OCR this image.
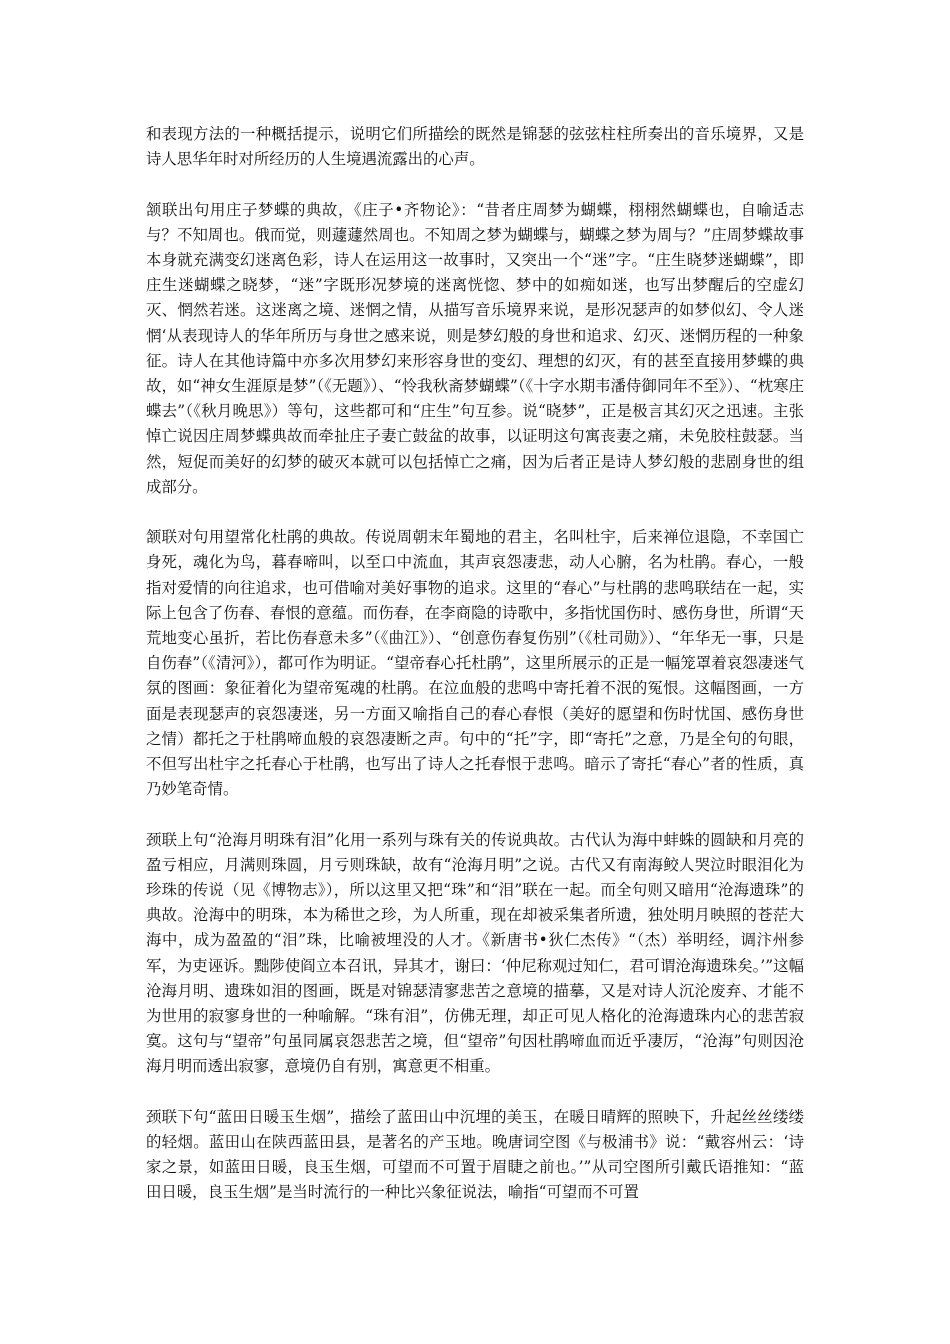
和表现方法的一种概括提示，说明它们所描绘的既然是锦瑟的弦弦柱柱所奏出的音乐境界，又是诗人思华年时对所经历的人生境遇流露出的心声。

颔联出句用庄子梦蝶的典故，《庄子•齐物论》：“昔者庄周梦为蝴蝶，栩栩然蝴蝶也，自喻适志与？不知周也。俄而觉，则蘧蘧然周也。不知周之梦为蝴蝶与，蝴蝶之梦为周与？”庄周梦蝶故事本身就充满变幻迷离色彩，诗人在运用这一故事时，又突出一个“迷”字。“庄生晓梦迷蝴蝶”，即庄生迷蝴蝶之晓梦，“迷”字既形况梦境的迷离恍惚、梦中的如痴如迷，也写出梦醒后的空虚幻灭、惘然若迷。这迷离之境、迷惘之情，从描写音乐境界来说，是形况瑟声的如梦似幻、令人迷惘‘从表现诗人的华年所历与身世之感来说，则是梦幻般的身世和追求、幻灭、迷惘历程的一种象征。诗人在其他诗篇中亦多次用梦幻来形容身世的变幻、理想的幻灭，有的甚至直接用梦蝶的典故，如“神女生涯原是梦”（《无题》）、“怜我秋斋梦蝴蝶”（《十字水期韦潘侍御同年不至》）、“枕寒庄蝶去”（《秋月晚思》）等句，这些都可和“庄生”句互参。说“晓梦”，正是极言其幻灭之迅速。主张悼亡说因庄周梦蝶典故而牵扯庄子妻亡鼓盆的故事，以证明这句寓丧妻之痛，未免胶柱鼓瑟。当然，短促而美好的幻梦的破灭本就可以包括悼亡之痛，因为后者正是诗人梦幻般的悲剧身世的组成部分。

颔联对句用望常化杜鹃的典故。传说周朝末年蜀地的君主，名叫杜宇，后来禅位退隐，不幸国亡身死，魂化为鸟，暮春啼叫，以至口中流血，其声哀怨凄悲，动人心腑，名为杜鹃。春心，一般指对爱情的向往追求，也可借喻对美好事物的追求。这里的“春心”与杜鹃的悲鸣联结在一起，实际上包含了伤春、春恨的意蕴。而伤春，在李商隐的诗歌中，多指忧国伤时、感伤身世，所谓“天荒地变心虽折，若比伤春意未多”（《曲江》）、“创意伤春复伤别”（《杜司勋》）、“年华无一事，只是自伤春”（《清河》），都可作为明证。“望帝春心托杜鹃”，这里所展示的正是一幅笼罩着哀怨凄迷气氛的图画：象征着化为望帝冤魂的杜鹃。在泣血般的悲鸣中寄托着不泯的冤恨。这幅图画，一方面是表现瑟声的哀怨凄迷，另一方面又喻指自己的春心春恨（美好的愿望和伤时忧国、感伤身世之情）都托之于杜鹃啼血般的哀怨凄断之声。句中的“托”字，即“寄托”之意，乃是全句的句眼，不但写出杜宇之托春心于杜鹃，也写出了诗人之托春恨于悲鸣。暗示了寄托“春心”者的性质，真乃妙笔奇情。

颈联上句“沧海月明珠有泪”化用一系列与珠有关的传说典故。古代认为海中蚌蛛的圆缺和月亮的盈亏相应，月满则珠圆，月亏则珠缺，故有“沧海月明”之说。古代又有南海鲛人哭泣时眼泪化为珍珠的传说（见《博物志》），所以这里又把“珠”和“泪”联在一起。而全句则又暗用“沧海遗珠”的典故。沧海中的明珠，本为稀世之珍，为人所重，现在却被采集者所遗，独处明月映照的苍茫大海中，成为盈盈的“泪”珠，比喻被埋没的人才。《新唐书•狄仁杰传》“（杰）举明经，调汴州参军，为吏诬诉。黜陟使阎立本召讯，异其才，谢曰：‘仲尼称观过知仁，君可谓沧海遗珠矣。’”这幅沧海月明、遗珠如泪的图画，既是对锦瑟清寥悲苦之意境的描摹，又是对诗人沉沦废弃、才能不为世用的寂寥身世的一种喻解。“珠有泪”，仿佛无理，却正可见人格化的沧海遗珠内心的悲苦寂寞。这句与“望帝”句虽同属哀怨悲苦之境，但“望帝”句因杜鹃啼血而近乎凄厉，“沧海”句则因沧海月明而透出寂寥，意境仍自有别，寓意更不相重。

颈联下句“蓝田日暖玉生烟”，描绘了蓝田山中沉埋的美玉，在暖日晴辉的照映下，升起丝丝缕缕的轻烟。蓝田山在陕西蓝田县，是著名的产玉地。晚唐词空图《与极浦书》说：“戴容州云：‘诗家之景，如蓝田日暖，良玉生烟，可望而不可置于眉睫之前也。’”从司空图所引戴氏语推知：“蓝田日暖，良玉生烟”是当时流行的一种比兴象征说法，喻指“可望而不可置
